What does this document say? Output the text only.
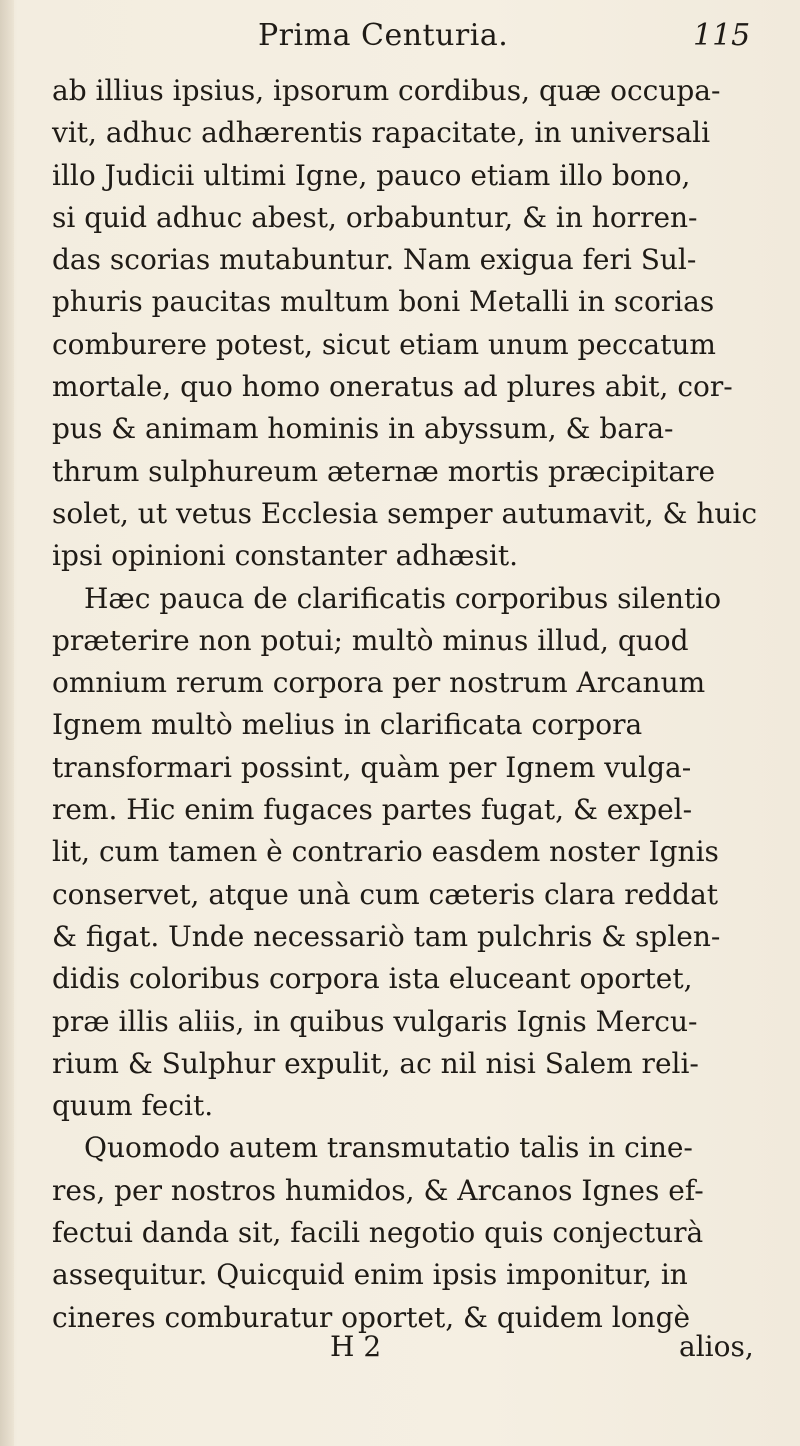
Prima Centuria.	115
ab illius ipsius, ipsorum cordibus, quæ occupa-
vit, adhuc adhærentis rapacitate, in universali
illo Judicii ultimi Igne, pauco etiam illo bono,
si quid adhuc abest, orbabuntur, & in horren-
das scorias mutabuntur. Nam exigua feri Sul-
phuris paucitas multum boni Metalli in scorias
comburere potest, sicut etiam unum peccatum
mortale, quo homo oneratus ad plures abit, cor-
pus & animam hominis in abyssum, & bara-
thrum sulphureum æternæ mortis præcipitare
solet, ut vetus Ecclesia semper autumavit, & huic
ipsi opinioni constanter adhæsit.
Hæc pauca de clarificatis corporibus silentio
præterire non potui; multò minus illud, quod
omnium rerum corpora per nostrum Arcanum
Ignem multò melius in clarificata corpora
transformari possint, quàm per Ignem vulga-
rem. Hic enim fugaces partes fugat, & expel-
lit, cum tamen è contrario easdem noster Ignis
conservet, atque unà cum cæteris clara reddat
& figat. Unde necessariò tam pulchris & splen-
didis coloribus corpora ista eluceant oportet,
præ illis aliis, in quibus vulgaris Ignis Mercu-
rium & Sulphur expulit, ac nil nisi Salem reli-
quum fecit.
Quomodo autem transmutatio talis in cine-
res, per nostros humidos, & Arcanos Ignes ef-
fectui danda sit, facili negotio quis conjecturà
assequitur. Quicquid enim ipsis imponitur, in
cineres comburatur oportet, & quidem longè
H 2	alios,
